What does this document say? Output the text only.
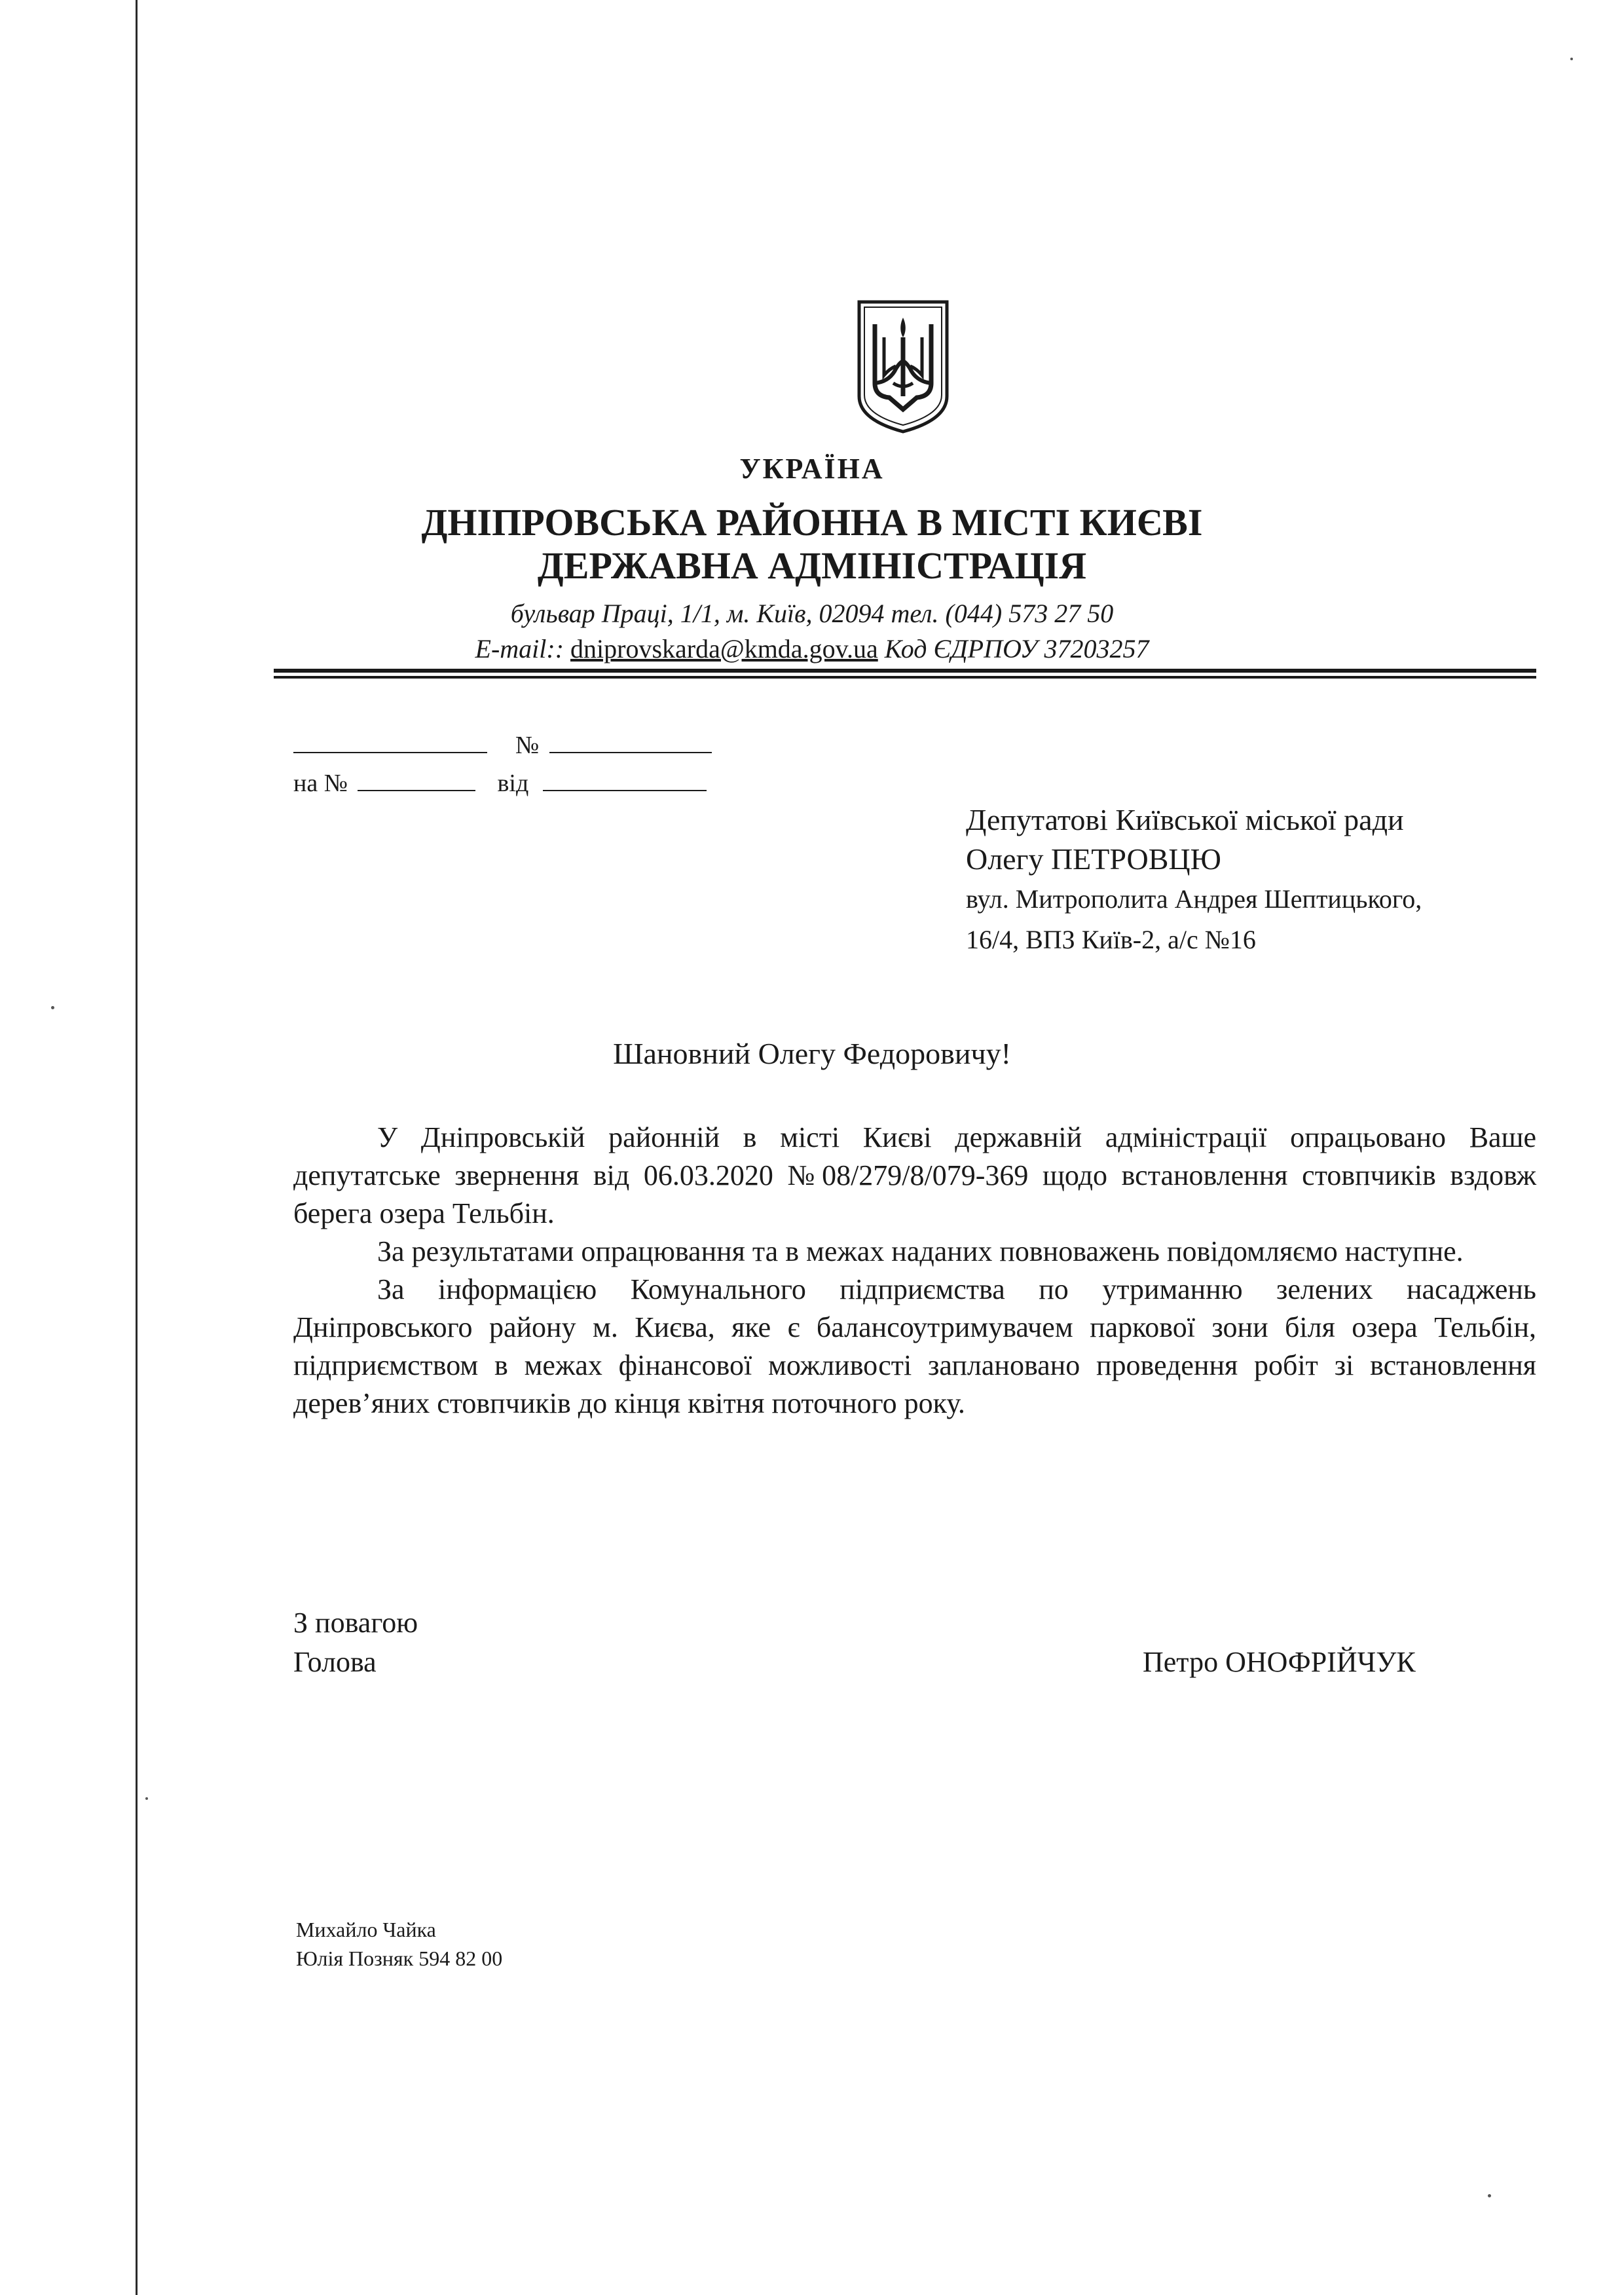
УКРАЇНА
ДНІПРОВСЬКА РАЙОННА В МІСТІ КИЄВІ
ДЕРЖАВНА АДМІНІСТРАЦІЯ
бульвар Праці, 1/1, м. Київ, 02094 тел. (044) 573 27 50
E-mail:: dniprovskarda@kmda.gov.ua Код ЄДРПОУ 37203257
№
на №	від
Депутатові Київської міської ради
Олегу ПЕТРОВЦЮ
вул. Митрополита Андрея Шептицького,
16/4, ВПЗ Київ-2, а/с №16
Шановний Олегу Федоровичу!

У Дніпровській районній в місті Києві державній адміністрації опрацьовано Ваше депутатське звернення від 06.03.2020 №08/279/8/079-369 щодо встановлення стовпчиків вздовж берега озера Тельбін.

За результатами опрацювання та в межах наданих повноважень повідомляємо наступне.

За інформацією Комунального підприємства по утриманню зелених насаджень Дніпровського району м. Києва, яке є балансоутримувачем паркової зони біля озера Тельбін, підприємством в межах фінансової можливості заплановано проведення робіт зі встановлення дерев’яних стовпчиків до кінця квітня поточного року.

З повагою
Голова	Петро ОНОФРІЙЧУК
Михайло Чайка
Юлія Позняк 594 82 00
